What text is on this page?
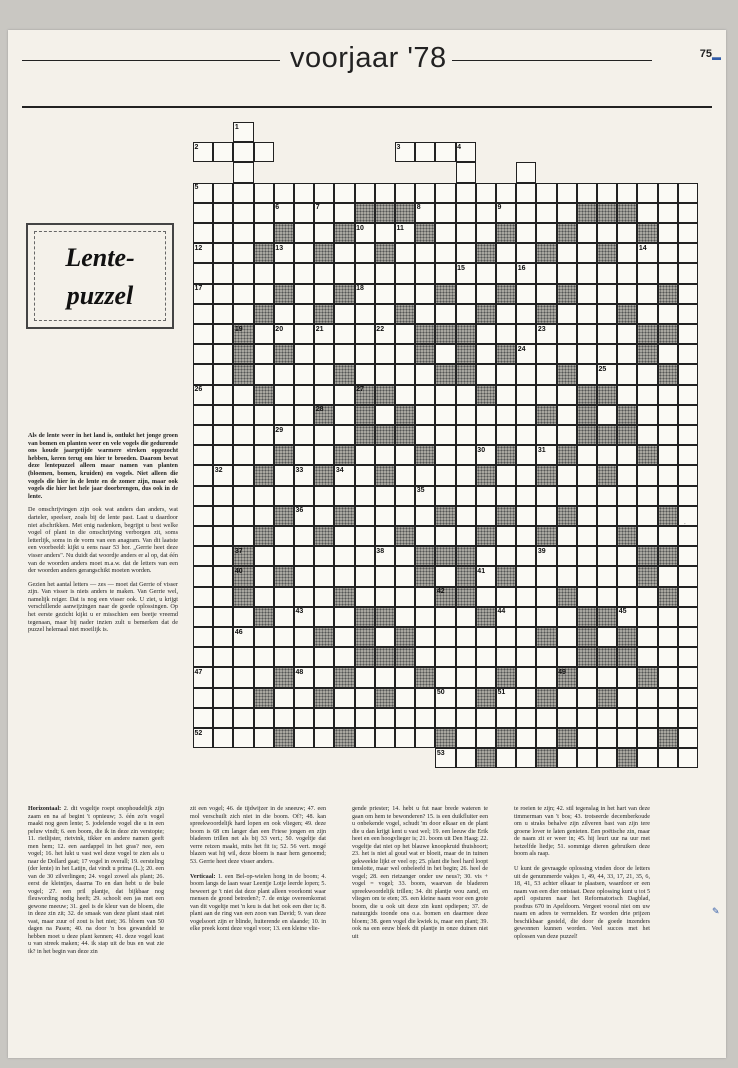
voorjaar '78	75
Lente-
puzzel
1
2	3	4
5
6	7	8	9
10	11
12	13	14
15	16
17	18
19	20	21	22	23
24
25
26	27
28
29
30	31
32	33	34
35
36
37	38	39
40	41
42
43	44	45
46
47	48	49
50	51
52
53

Als de lente weer in het land is, ontlukt het jonge groen van bomen en planten weer en vele vogels die gedurende ons koude jaargetijde warmere streken opgezocht hebben, keren terug om hier te broeden. Daarom bevat deze lentepuzzel alleen maar namen van planten (bloemen, bomen, kruiden) en vogels. Niet alleen die vogels die hier in de lente en de zomer zijn, maar ook vogels die hier het hele jaar doorbrengen, dus ook in de lente.

De omschrijvingen zijn ook wat anders dan anders, wat darteler, speelser, zoals bij de lente past. Laat u daardoor niet afschrikken. Met enig nadenken, begrijpt u best welke vogel of plant in die omschrijving verborgen zit, soms letterlijk, soms in de vorm van een anagram. Van dit laatste een voorbeeld: kijkt u eens naar 53 hor. „Gerrie heet deze visser anders". Nu duidt dat woordje anders er al op, dat één van de woorden anders moet m.a.w. dat de letters van een der woorden anders gerangschikt moeten worden.

Gezien het aantal letters — zes — moet dat Gerrie of visser zijn. Van visser is niets anders te maken. Van Gerrie wel, namelijk reiger. Dat is nog een visser ook. U ziet, u krijgt verschillende aanwijzingen naar de goede oplossingen. Op het eerste gezicht kijkt u er misschien een beetje vreemd tegenaan, maar bij nader inzien zult u bemerken dat de puzzel helemaal niet moeilijk is.

Horizontaal: 2. dit vogeltje roept onophoudelijk zijn zaam en na af begint 't opnieuw; 3. één zo'n vogel maakt nog geen lente; 5. jodelende vogel die u in een peluw vindt; 6. een boom, die ik in deze zin verstopte; 11. rietlijster, rietvink, tikker en andere namen geeft men hem; 12. een aardappel in het gras? nee, een vogel; 16. het lukt u vast wel deze vogel te zien als u naar de Dollard gaat; 17 vogel in overall; 19. eersteling (der lente) in het Latijn, dat vindt u prima (L.); 20. een van de 30 zilverlingen; 24. vogel zowel als plant; 26. eerst de kleintjes, daarna To en dan hebt u de bule vogel; 27. een pril plantje, dat bijkbaar nog fleuwording nodig heeft; 29. schoolt een jas met een gewone meeuw; 31. geel is de kleur van de bloem, die in deze zin zit; 32. de smaak van deze plant staat niet vast, maar zuur of zout is het niet; 36. bloem van 50 dagen na Pasen; 40. na door 'n bos gewandeld te hebben moet u deze plant kennen; 41. deze vogel kust u van streek maken; 44. ik stap uit de bus en wat zie ik? in het begin van deze zin
zit een vogel; 46. de tijdwijzer in de sneeuw; 47. een mol verschuilt zich niet in die boom. Of?; 48. kan spreekwoordelijk hard lopen en ook vliegen; 49. deze boom is 68 cm langer dan een Friese jongen en zijn bladeren trillen net als bij 33 vert.; 50. vogeltje dat verre reizen maakt, mits het fit is; 52. 56 vert. mogé blazen wat hij wil, deze bloem is naar hem genoemd; 53. Gerrie heet deze visser anders.

Verticaal: 1. een Bel-op-wielen hong in de boom; 4. boom langs de laan waar Leentje Lotje leerde lopen; 5. beweert ge 't niet dat deze plant alleen voorkomt waar mensen de grond betreden?; 7. de enige overeenkomst van dit vogeltje met 'n keu is dat het ook een dier is; 8. plant aan de ring van een zoon van David; 9. van deze vogelsoort zijn er blinde, huiterende en slaande; 10. in elke preek komt deze vogel voor; 13. een kleine vlie-
gende priester; 14. hebt u fut naar brede wateren te gaan om hem te bewonderen? 15. is een duikfluiter een u onbekende vogel, schudt 'm door elkaar en de plant die u dan krijgt kent u vast wel; 19. een leeuw die Erik heet en een hoogvlieger is; 21. boom uit Den Haag; 22. vogeltje dat niet op het blauwe knoopkruid thuishoort; 23. het is niet al goud wat er bloeit, maar de in tuinen gekweekte lijkt er veel op; 25. plant die heel hard loopt tenslotte, maar wel onbeleefd in het begin; 26. heel de vogel; 28. een rietzanger onder uw neus?; 30. vis + vogel = vogel; 33. boom, waarvan de bladeren spreekwoordelijk trillen; 34. dit plantje wou zand, en vliegen om te eten; 35. een kleine naam voor een grote boom, die u ook uit deze zin kunt opdiepen; 37. de natuurgids toonde ons o.a. bomen en daarmee deze bloem; 38. geen vogel die kwiek is, maar een plant; 39. ook na een eeuw bleek dit plantje in onze duinen niet uit
te roeien te zijn; 42. stil tegenslag in het hart van deze timmerman van 't bos; 43. trotseerde decemberkoude om u straks behalve zijn zilveren bast van zijn tere groene lover te laten genieten. Een poëtische zin, maar de naam zit er weer in; 45. hij leurt uur na uur met hetzelfde liedje; 51. sommige dieren gebruiken deze boom als raap.

U kunt de gevraagde oplossing vinden door de letters uit de genummerde vakjes 1, 49, 44, 33, 17, 21, 35, 6, 18, 41, 53 achter elkaar te plaatsen, waardoor er een naam van een dier ontstaat. Deze oplossing kunt u tot 5 april opsturen naar het Reformatorisch Dagblad, postbus 670 in Apeldoorn. Vergeet vooral niet om uw naam en adres te vermelden. Er worden drie prijzen beschikbaar gesteld, die door de goede inzenders gewonnen kunnen worden. Veel succes met het oplossen van deze puzzel!
▬
∙
✎
